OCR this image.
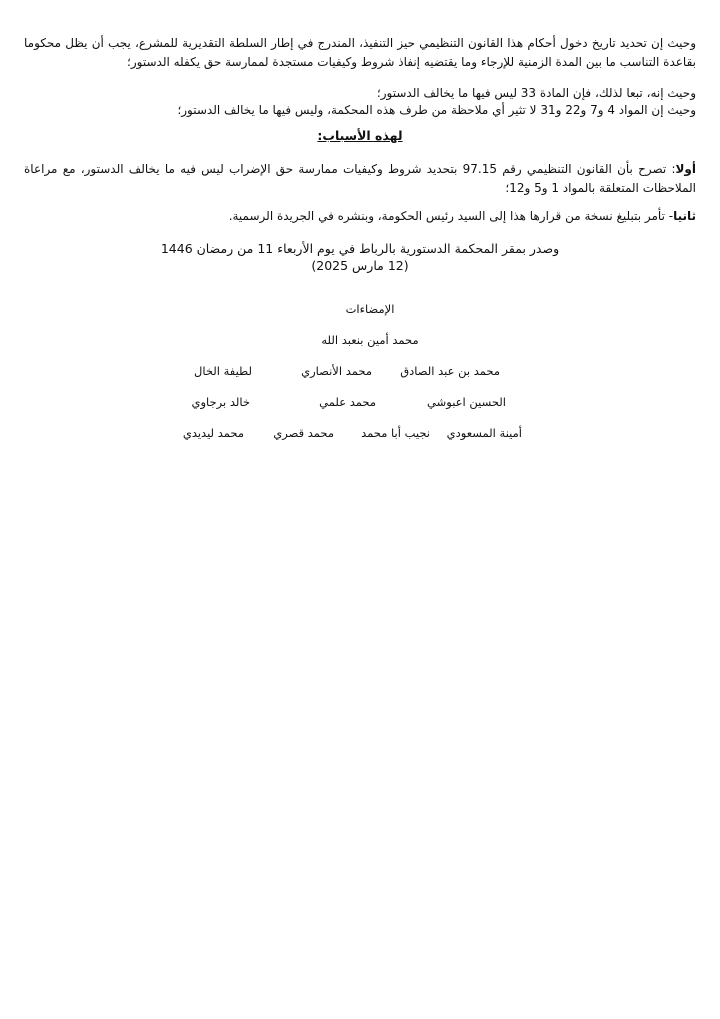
وحيث إن تحديد تاريخ دخول أحكام هذا القانون التنظيمي حيز التنفيذ، المندرج في إطار السلطة التقديرية للمشرع، يجب أن يظل محكوما بقاعدة التناسب ما بين المدة الزمنية للإرجاء وما يقتضيه إنفاذ شروط وكيفيات مستجدة لممارسة حق يكفله الدستور؛

وحيث إنه، تبعا لذلك، فإن المادة 33 ليس فيها ما يخالف الدستور؛

وحيث إن المواد 4 و7 و22 و31 لا تثير أي ملاحظة من طرف هذه المحكمة، وليس فيها ما يخالف الدستور؛

لهذه الأسباب:

أولا: تصرح بأن القانون التنظيمي رقم 97.15 بتحديد شروط وكيفيات ممارسة حق الإضراب ليس فيه ما يخالف الدستور، مع مراعاة الملاحظات المتعلقة بالمواد 1 و5 و12؛

ثانيا- تأمر بتبليغ نسخة من قرارها هذا إلى السيد رئيس الحكومة، وبنشره في الجريدة الرسمية.

وصدر بمقر المحكمة الدستورية بالرباط في يوم الأربعاء 11 من رمضان 1446

(12 مارس 2025)

الإمضاءات
محمد أمين بنعبد الله
محمد بن عبد الصادق
محمد الأنصاري
لطيفة الخال
الحسين اعبوشي
محمد علمي
خالد برجاوي
أمينة المسعودي
نجيب أبا محمد
محمد قصري
محمد ليديدي
